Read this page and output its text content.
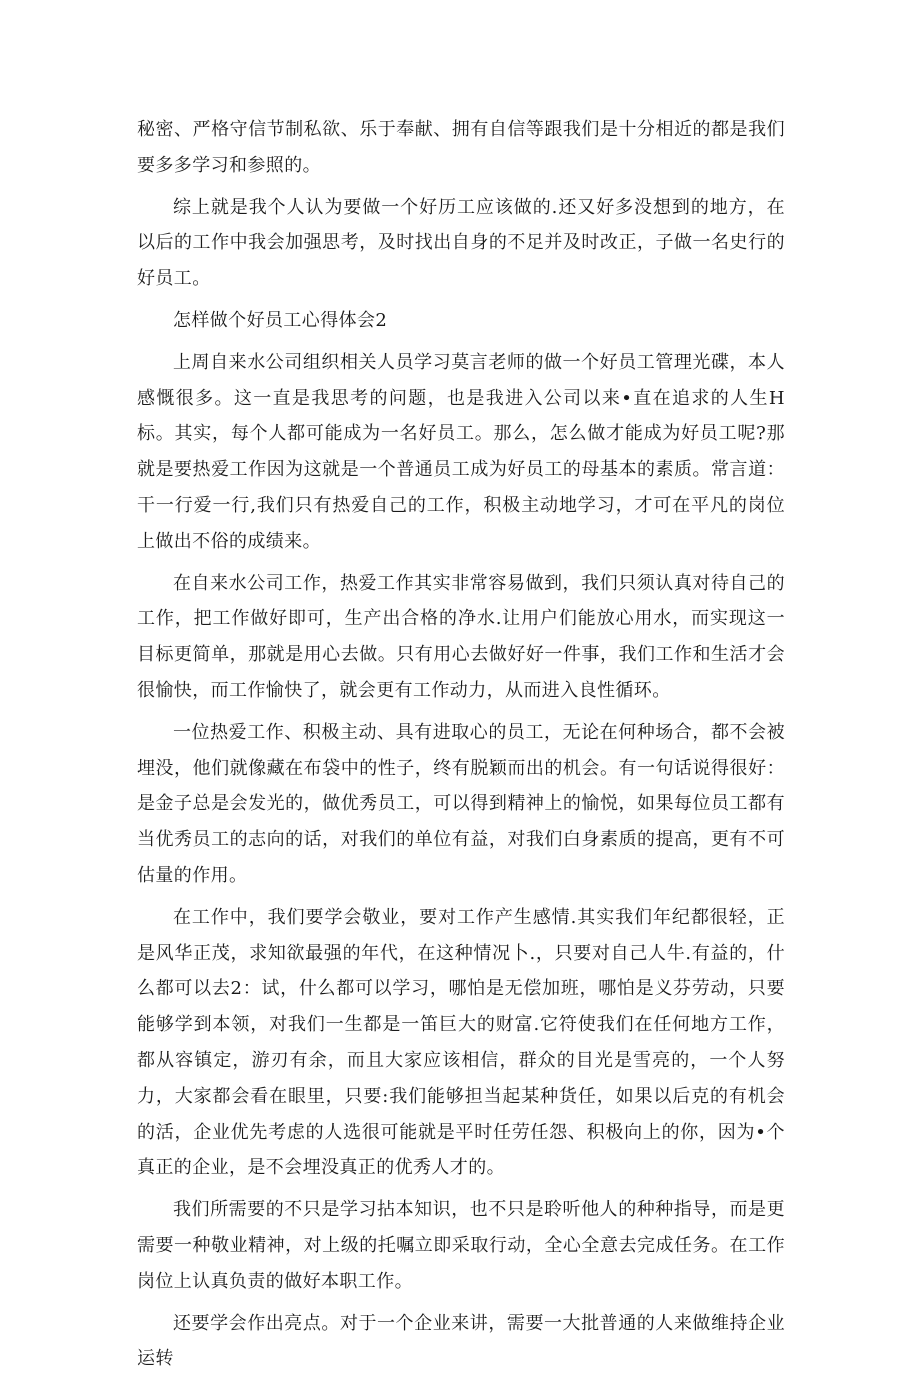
秘密、严格守信节制私欲、乐于奉献、拥有自信等跟我们是十分相近的都是我们要多多学习和参照的。

综上就是我个人认为要做一个好历工应该做的.还又好多没想到的地方，在以后的工作中我会加强思考，及时找出自身的不足并及时改正，子做一名史行的好员工。

怎样做个好员工心得体会2

上周自来水公司组织相关人员学习莫言老师的做一个好员工管理光碟，本人感慨很多。这一直是我思考的问题，也是我进入公司以来•直在追求的人生H标。其实，每个人都可能成为一名好员工。那么，怎么做才能成为好员工呢?那就是要热爱工作因为这就是一个普通员工成为好员工的母基本的素质。常言道：干一行爱一行,我们只有热爱自己的工作，积极主动地学习，才可在平凡的岗位上做出不俗的成绩来。

在自来水公司工作，热爱工作其实非常容易做到，我们只须认真对待自己的工作，把工作做好即可，生产出合格的净水.让用户们能放心用水，而实现这一目标更简单，那就是用心去做。只有用心去做好好一件事，我们工作和生活才会很愉快，而工作愉快了，就会更有工作动力，从而进入良性循环。

一位热爱工作、积极主动、具有进取心的员工，无论在何种场合，都不会被埋没，他们就像藏在布袋中的性子，终有脱颖而出的机会。有一句话说得很好：是金子总是会发光的，做优秀员工，可以得到精神上的愉悦，如果每位员工都有当优秀员工的志向的话，对我们的单位有益，对我们白身素质的提高，更有不可估量的作用。

在工作中，我们要学会敬业，要对工作产生感情.其实我们年纪都很轻，正是风华正茂，求知欲最强的年代，在这种情况卜.，只要对自己人牛.有益的，什么都可以去2：试，什么都可以学习，哪怕是无偿加班，哪怕是义芬劳动，只要能够学到本领，对我们一生都是一笛巨大的财富.它符使我们在任何地方工作，都从容镇定，游刃有余，而且大家应该相信，群众的目光是雪亮的，一个人努力，大家都会看在眼里，只要:我们能够担当起某种货任，如果以后克的有机会的活，企业优先考虑的人选很可能就是平时任劳任怨、积极向上的你，因为•个真正的企业，是不会埋没真正的优秀人才的。

我们所需要的不只是学习拈本知识，也不只是聆听他人的种种指导，而是更需要一种敬业精神，对上级的托嘱立即采取行动，全心全意去完成任务。在工作岗位上认真负责的做好本职工作。

还要学会作出亮点。对于一个企业来讲，需要一大批普通的人来做维持企业运转
